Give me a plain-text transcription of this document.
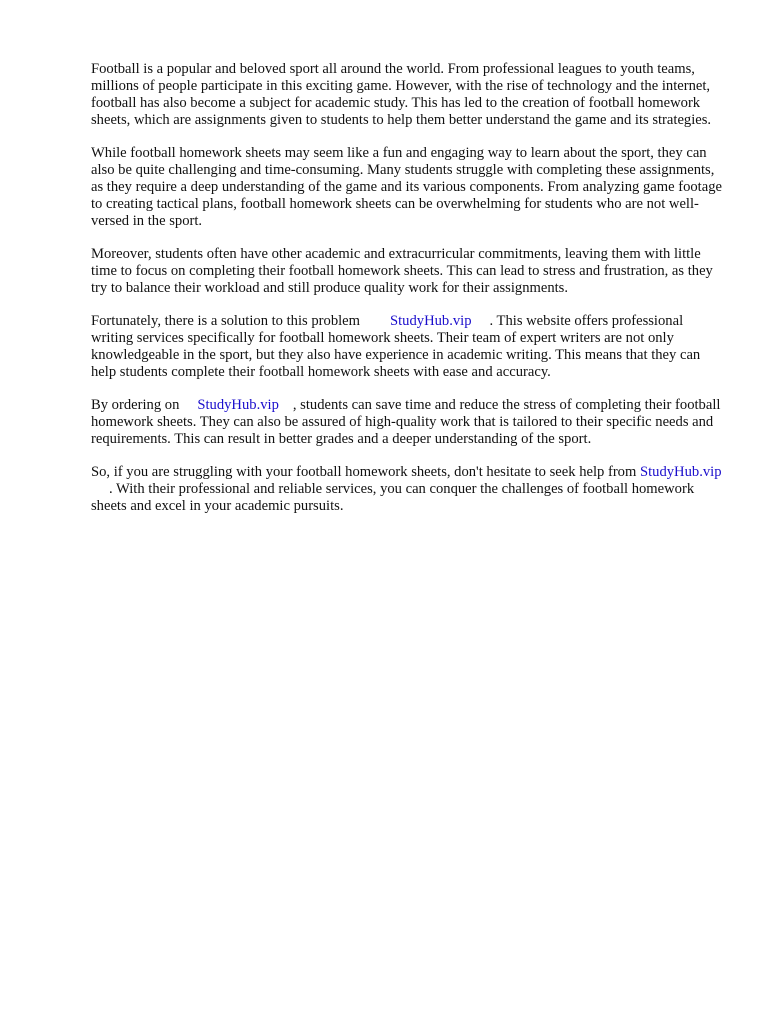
Football is a popular and beloved sport all around the world. From professional leagues to youth teams, millions of people participate in this exciting game. However, with the rise of technology and the internet, football has also become a subject for academic study. This has led to the creation of football homework sheets, which are assignments given to students to help them better understand the game and its strategies.

While football homework sheets may seem like a fun and engaging way to learn about the sport, they can also be quite challenging and time-consuming. Many students struggle with completing these assignments, as they require a deep understanding of the game and its various components. From analyzing game footage to creating tactical plans, football homework sheets can be overwhelming for students who are not well-versed in the sport.

Moreover, students often have other academic and extracurricular commitments, leaving them with little time to focus on completing their football homework sheets. This can lead to stress and frustration, as they try to balance their workload and still produce quality work for their assignments.

Fortunately, there is a solution to this problem StudyHub.vip . This website offers professional writing services specifically for football homework sheets. Their team of expert writers are not only knowledgeable in the sport, but they also have experience in academic writing. This means that they can help students complete their football homework sheets with ease and accuracy.

By ordering on StudyHub.vip , students can save time and reduce the stress of completing their football homework sheets. They can also be assured of high-quality work that is tailored to their specific needs and requirements. This can result in better grades and a deeper understanding of the sport.

So, if you are struggling with your football homework sheets, don't hesitate to seek help from StudyHub.vip. With their professional and reliable services, you can conquer the challenges of football homework sheets and excel in your academic pursuits.
